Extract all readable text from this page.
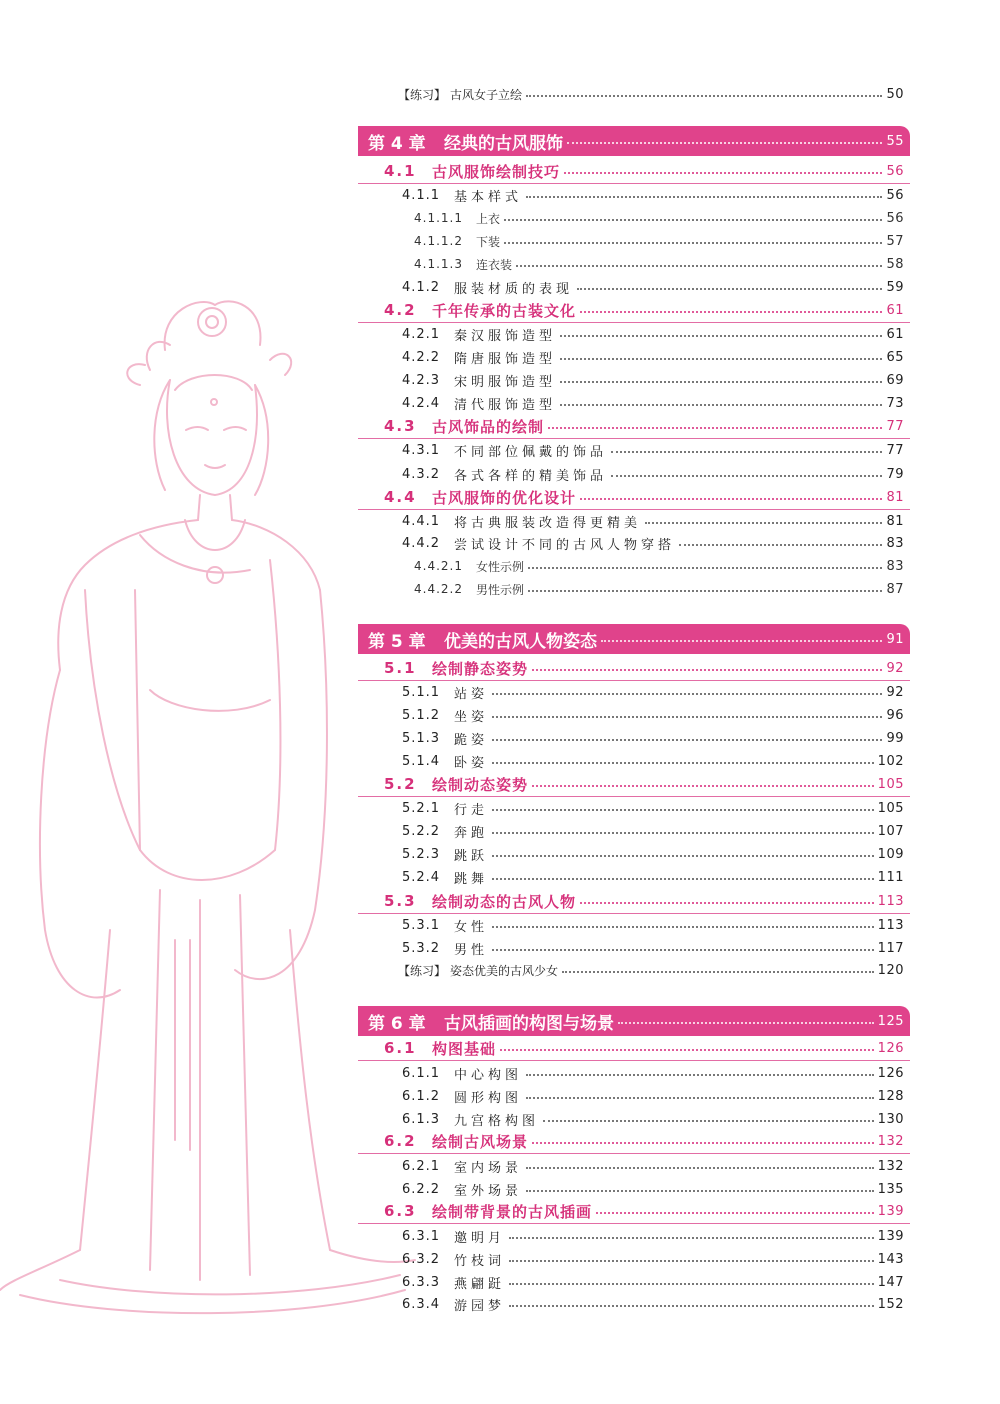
【练习】 古风女子立绘	50
第 4 章	经典的古风服饰	55
4.1	古风服饰绘制技巧	56
4.1.1	基本样式	56
4.1.1.1	上衣	56
4.1.1.2	下装	57
4.1.1.3	连衣装	58
4.1.2	服装材质的表现	59
4.2	千年传承的古装文化	61
4.2.1	秦汉服饰造型	61
4.2.2	隋唐服饰造型	65
4.2.3	宋明服饰造型	69
4.2.4	清代服饰造型	73
4.3	古风饰品的绘制	77
4.3.1	不同部位佩戴的饰品	77
4.3.2	各式各样的精美饰品	79
4.4	古风服饰的优化设计	81
4.4.1	将古典服装改造得更精美	81
4.4.2	尝试设计不同的古风人物穿搭	83
4.4.2.1	女性示例	83
4.4.2.2	男性示例	87
第 5 章	优美的古风人物姿态	91
5.1	绘制静态姿势	92
5.1.1	站姿	92
5.1.2	坐姿	96
5.1.3	跪姿	99
5.1.4	卧姿	102
5.2	绘制动态姿势	105
5.2.1	行走	105
5.2.2	奔跑	107
5.2.3	跳跃	109
5.2.4	跳舞	111
5.3	绘制动态的古风人物	113
5.3.1	女性	113
5.3.2	男性	117
【练习】 姿态优美的古风少女	120
第 6 章	古风插画的构图与场景	125
6.1	构图基础	126
6.1.1	中心构图	126
6.1.2	圆形构图	128
6.1.3	九宫格构图	130
6.2	绘制古风场景	132
6.2.1	室内场景	132
6.2.2	室外场景	135
6.3	绘制带背景的古风插画	139
6.3.1	邀明月	139
6.3.2	竹枝词	143
6.3.3	燕翩跹	147
6.3.4	游园梦	152
